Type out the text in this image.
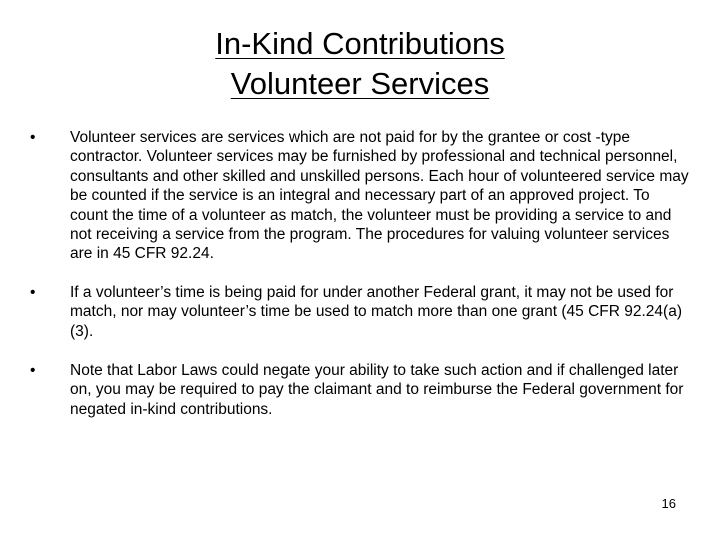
In-Kind Contributions
Volunteer Services
•	Volunteer services are services which are not paid for by the grantee or cost -type contractor. Volunteer services may be furnished by professional and technical personnel, consultants and other skilled and unskilled persons. Each hour of volunteered service may be counted if the service is an integral and necessary part of an approved project. To count the time of a volunteer as match, the volunteer must be providing a service to and not receiving a service from the program. The procedures for valuing volunteer services are in 45 CFR 92.24.
•	If a volunteer’s time is being paid for under another Federal grant, it may not be used for match, nor may volunteer’s time be used to match more than one grant (45 CFR 92.24(a)(3).
•	Note that Labor Laws could negate your ability to take such action and if challenged later on, you may be required to pay the claimant and to reimburse the Federal government for negated in-kind contributions.
16
